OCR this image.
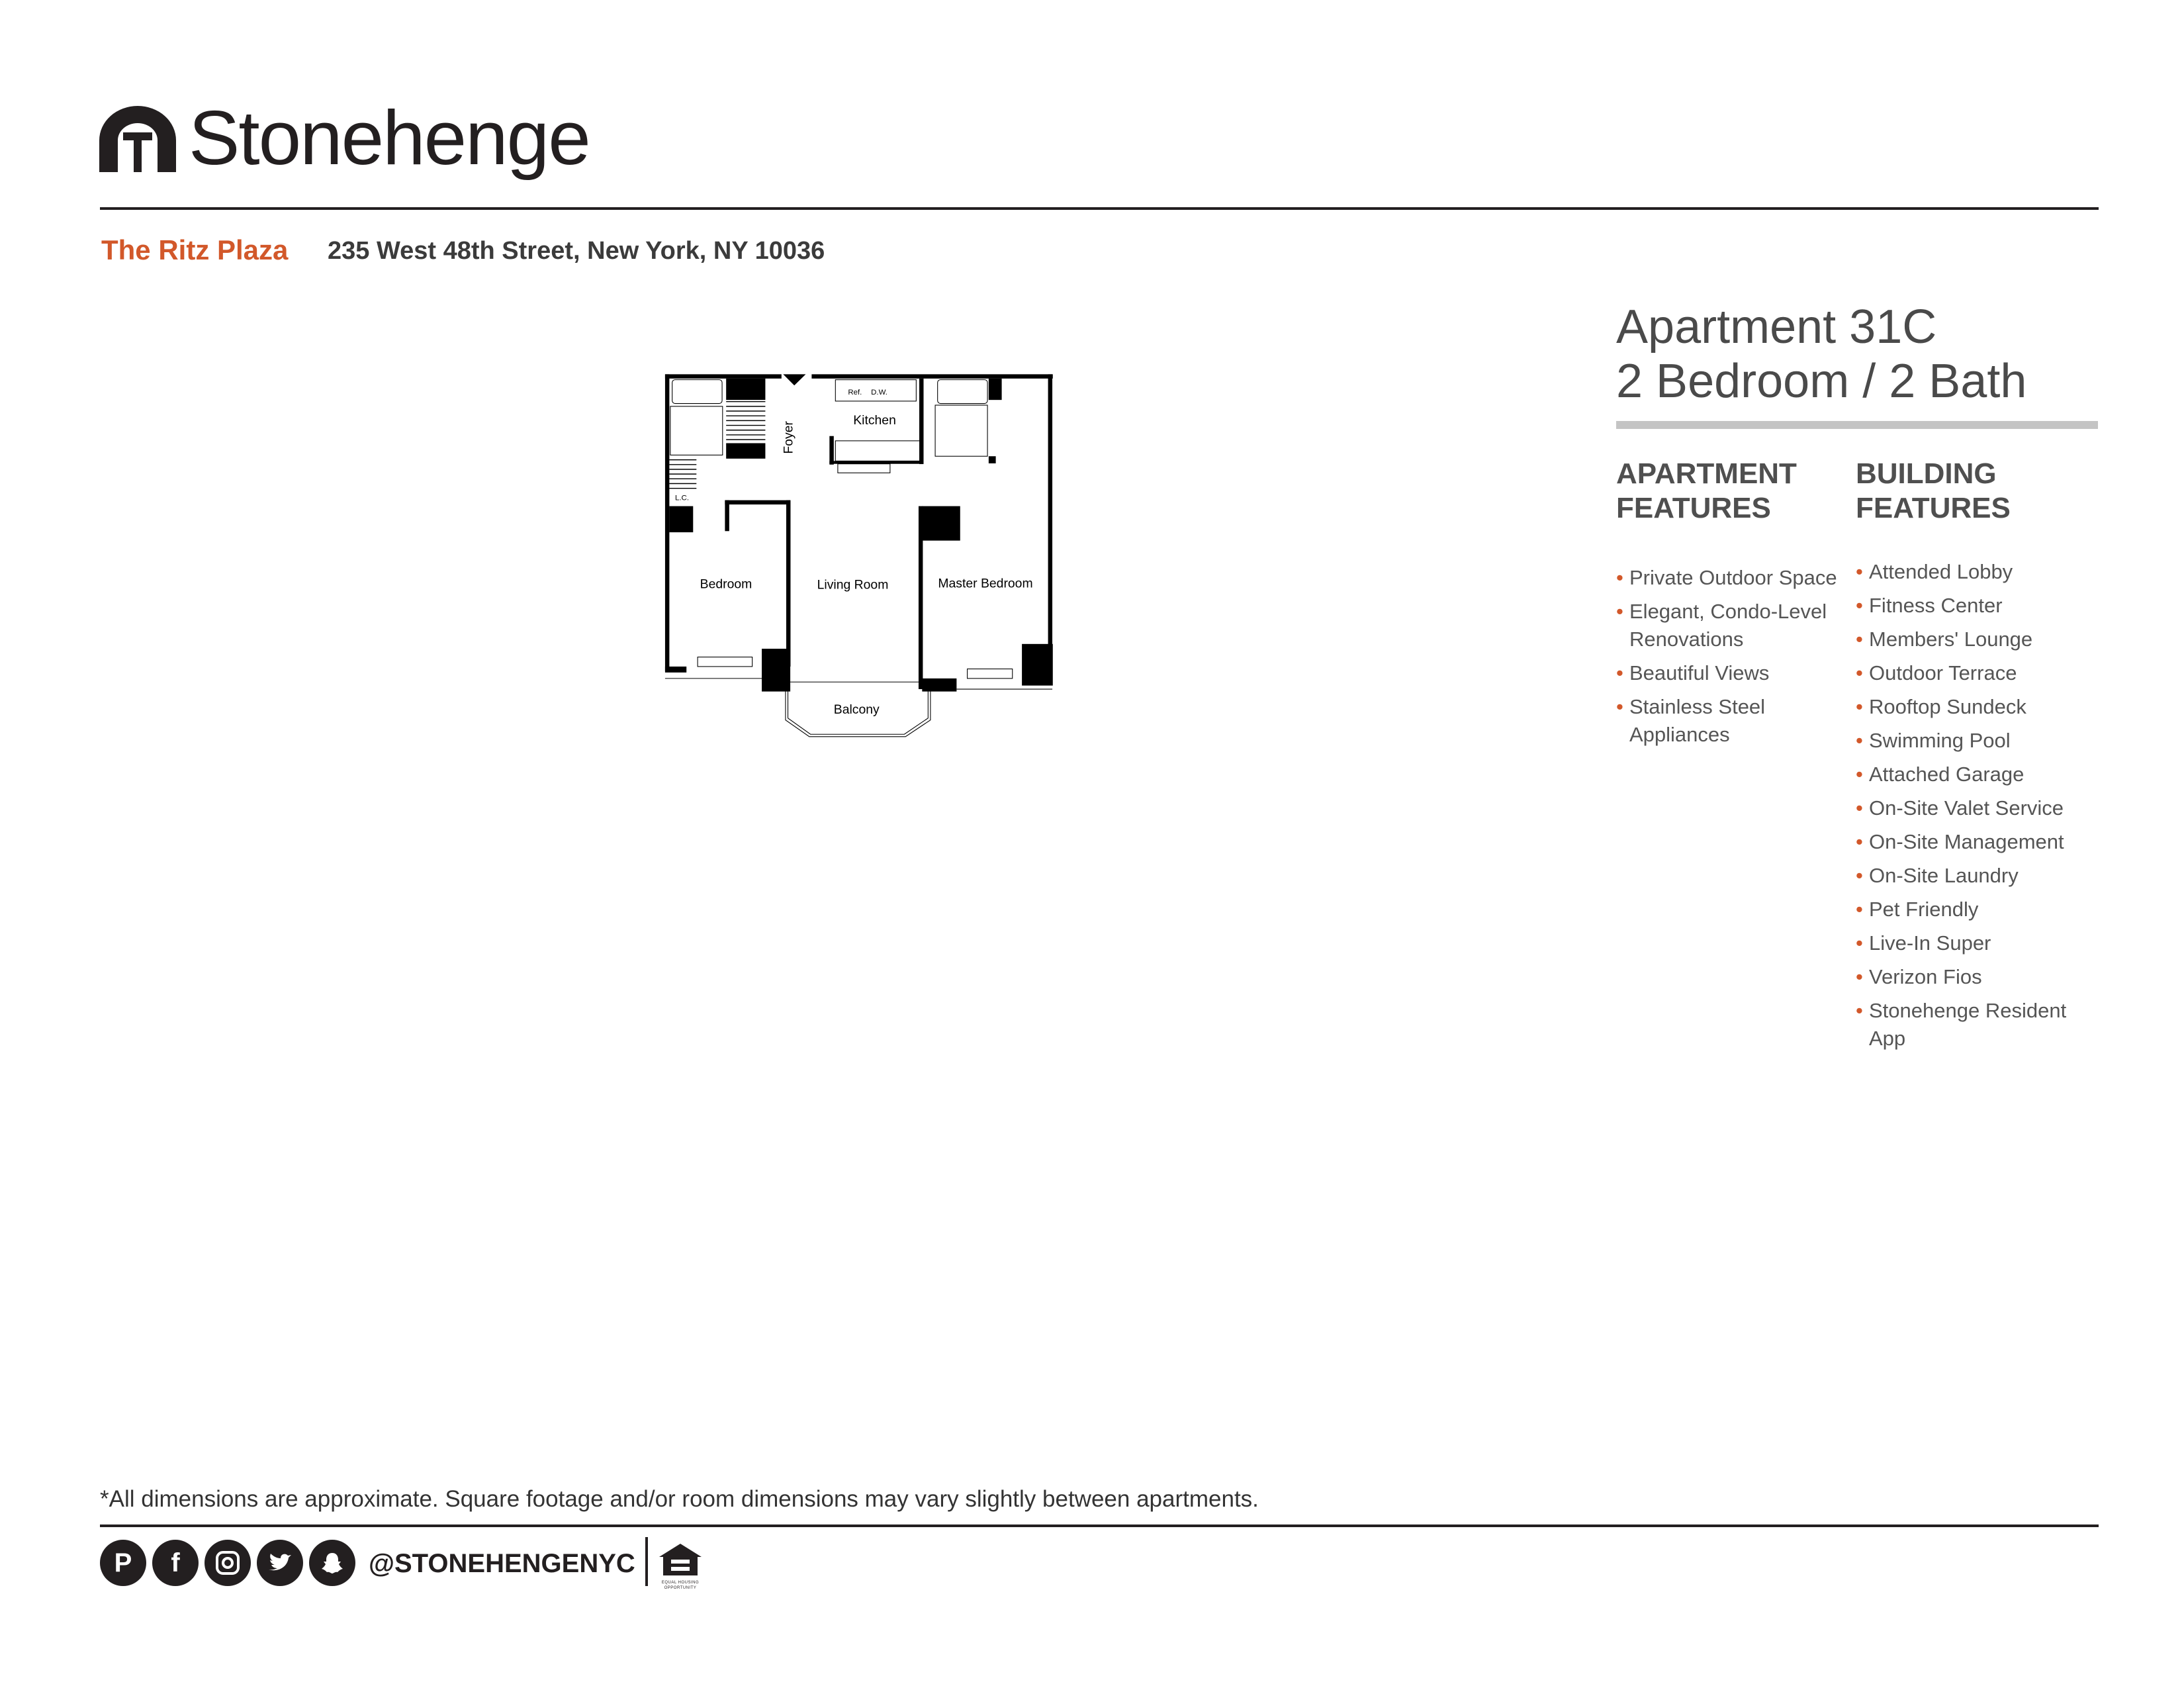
Stonehenge
The Ritz Plaza 235 West 48th Street, New York, NY 10036
Ref. D.W.
Kitchen
Foyer
L.C.
Bedroom Living Room Master Bedroom
Balcony
Apartment 31C
2 Bedroom / 2 Bath
APARTMENT
FEATURES
BUILDING
FEATURES
• Private Outdoor Space
• Elegant, Condo-Level Renovations
• Beautiful Views
• Stainless Steel Appliances
• Attended Lobby
• Fitness Center
• Members' Lounge
• Outdoor Terrace
• Rooftop Sundeck
• Swimming Pool
• Attached Garage
• On-Site Valet Service
• On-Site Management
• On-Site Laundry
• Pet Friendly
• Live-In Super
• Verizon Fios
• Stonehenge Resident App
*All dimensions are approximate. Square footage and/or room dimensions may vary slightly between apartments.
P	f	@STONEHENGENYC
EQUAL HOUSING OPPORTUNITY
